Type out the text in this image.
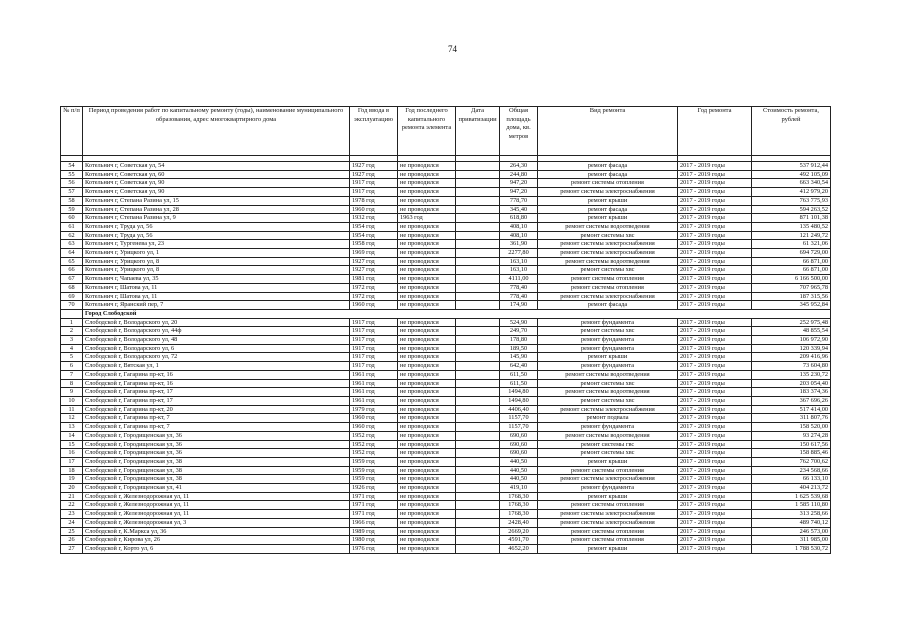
74
№ п/п	Период проведения работ по капитальному ремонту (годы), наименование муниципального образования, адрес многоквартирного дома	Год ввода в эксплуатацию	Год последнего капитального ремонта элемента	Дата приватизации	Общая площадь дома, кв. метров	Вид ремонта	Год ремонта	Стоимость ремонта, рублей

54	Котельнич г, Советская ул, 54	1927 год	не проводился		264,30	ремонт фасада	2017 - 2019 годы	537 912,44
55	Котельнич г, Советская ул, 60	1927 год	не проводился		244,80	ремонт фасада	2017 - 2019 годы	492 105,09
56	Котельнич г, Советская ул, 90	1917 год	не проводился		947,20	ремонт системы отопления	2017 - 2019 годы	663 340,54
57	Котельнич г, Советская ул, 90	1917 год	не проводился		947,20	ремонт системы электроснабжения	2017 - 2019 годы	412 979,20
58	Котельнич г, Степана Разина ул, 15	1978 год	не проводился		778,70	ремонт крыши	2017 - 2019 годы	763 775,93
59	Котельнич г, Степана Разина ул, 28	1960 год	не проводился		345,40	ремонт фасада	2017 - 2019 годы	594 263,52
60	Котельнич г, Степана Разина ул, 9	1932 год	1963 год		618,80	ремонт крыши	2017 - 2019 годы	871 101,38
61	Котельнич г, Труда ул, 56	1954 год	не проводился		408,10	ремонт системы водоотведения	2017 - 2019 годы	135 480,52
62	Котельнич г, Труда ул, 56	1954 год	не проводился		408,10	ремонт системы хвс	2017 - 2019 годы	121 249,72
63	Котельнич г, Тургенева ул, 23	1958 год	не проводился		361,90	ремонт системы электроснабжения	2017 - 2019 годы	61 321,06
64	Котельнич г, Урицкого ул, 1	1969 год	не проводился		2277,80	ремонт системы электроснабжения	2017 - 2019 годы	694 729,00
65	Котельнич г, Урицкого ул, 8	1927 год	не проводился		163,10	ремонт системы водоотведения	2017 - 2019 годы	66 871,00
66	Котельнич г, Урицкого ул, 8	1927 год	не проводился		163,10	ремонт системы хвс	2017 - 2019 годы	66 871,00
67	Котельнич г, Чапаева ул, 35	1981 год	не проводился		4111,00	ремонт системы отопления	2017 - 2019 годы	6 166 500,00
68	Котельнич г, Шатова ул, 11	1972 год	не проводился		778,40	ремонт системы отопления	2017 - 2019 годы	707 965,78
69	Котельнич г, Шатова ул, 11	1972 год	не проводился		778,40	ремонт системы электроснабжения	2017 - 2019 годы	187 315,56
70	Котельнич г, Яранский пер, 7	1960 год	не проводился		174,90	ремонт фасада	2017 - 2019 годы	345 952,84
	Город Слободской							
1	Слободской г, Володарского ул, 20	1917 год	не проводился		524,90	ремонт фундамента	2017 - 2019 годы	252 975,48
2	Слободской г, Володарского ул, 44ф	1917 год	не проводился		249,70	ремонт системы хвс	2017 - 2019 годы	48 855,54
3	Слободской г, Володарского ул, 48	1917 год	не проводился		178,80	ремонт фундамента	2017 - 2019 годы	106 972,90
4	Слободской г, Володарского ул, 6	1917 год	не проводился		189,50	ремонт фундамента	2017 - 2019 годы	120 339,94
5	Слободской г, Володарского ул, 72	1917 год	не проводился		145,90	ремонт крыши	2017 - 2019 годы	209 416,96
6	Слободской г, Вятская ул, 1	1917 год	не проводился		642,40	ремонт фундамента	2017 - 2019 годы	73 604,80
7	Слободской г, Гагарина пр-кт, 16	1961 год	не проводился		611,50	ремонт системы водоотведения	2017 - 2019 годы	135 230,72
8	Слободской г, Гагарина пр-кт, 16	1961 год	не проводился		611,50	ремонт системы хвс	2017 - 2019 годы	203 054,40
9	Слободской г, Гагарина пр-кт, 17	1961 год	не проводился		1494,80	ремонт системы водоотведения	2017 - 2019 годы	183 374,36
10	Слободской г, Гагарина пр-кт, 17	1961 год	не проводился		1494,80	ремонт системы хвс	2017 - 2019 годы	367 696,26
11	Слободской г, Гагарина пр-кт, 20	1979 год	не проводился		4406,40	ремонт системы электроснабжения	2017 - 2019 годы	517 414,00
12	Слободской г, Гагарина пр-кт, 7	1960 год	не проводился		1157,70	ремонт подвала	2017 - 2019 годы	311 807,76
13	Слободской г, Гагарина пр-кт, 7	1960 год	не проводился		1157,70	ремонт фундамента	2017 - 2019 годы	158 520,00
14	Слободской г, Городищенская ул, 36	1952 год	не проводился		690,60	ремонт системы водоотведения	2017 - 2019 годы	93 274,28
15	Слободской г, Городищенская ул, 36	1952 год	не проводился		690,60	ремонт системы гвс	2017 - 2019 годы	150 617,56
16	Слободской г, Городищенская ул, 36	1952 год	не проводился		690,60	ремонт системы хвс	2017 - 2019 годы	158 885,46
17	Слободской г, Городищенская ул, 38	1959 год	не проводился		440,50	ремонт крыши	2017 - 2019 годы	762 700,62
18	Слободской г, Городищенская ул, 38	1959 год	не проводился		440,50	ремонт системы отопления	2017 - 2019 годы	234 568,66
19	Слободской г, Городищенская ул, 38	1959 год	не проводился		440,50	ремонт системы электроснабжения	2017 - 2019 годы	66 133,10
20	Слободской г, Городищенская ул, 41	1926 год	не проводился		419,10	ремонт фундамента	2017 - 2019 годы	404 213,72
21	Слободской г, Железнодорожная ул, 11	1971 год	не проводился		1768,30	ремонт крыши	2017 - 2019 годы	1 625 539,68
22	Слободской г, Железнодорожная ул, 11	1971 год	не проводился		1768,30	ремонт системы отопления	2017 - 2019 годы	1 585 110,80
23	Слободской г, Железнодорожная ул, 11	1971 год	не проводился		1768,30	ремонт системы электроснабжения	2017 - 2019 годы	313 258,66
24	Слободской г, Железнодорожная ул, 3	1966 год	не проводился		2428,40	ремонт системы электроснабжения	2017 - 2019 годы	489 740,12
25	Слободской г, К.Маркса ул, 36	1989 год	не проводился		2669,20	ремонт системы отопления	2017 - 2019 годы	246 573,00
26	Слободской г, Кирова ул, 26	1980 год	не проводился		4591,70	ремонт системы отопления	2017 - 2019 годы	311 985,00
27	Слободской г, Корто ул, 6	1976 год	не проводился		4652,20	ремонт крыши	2017 - 2019 годы	1 788 530,72
